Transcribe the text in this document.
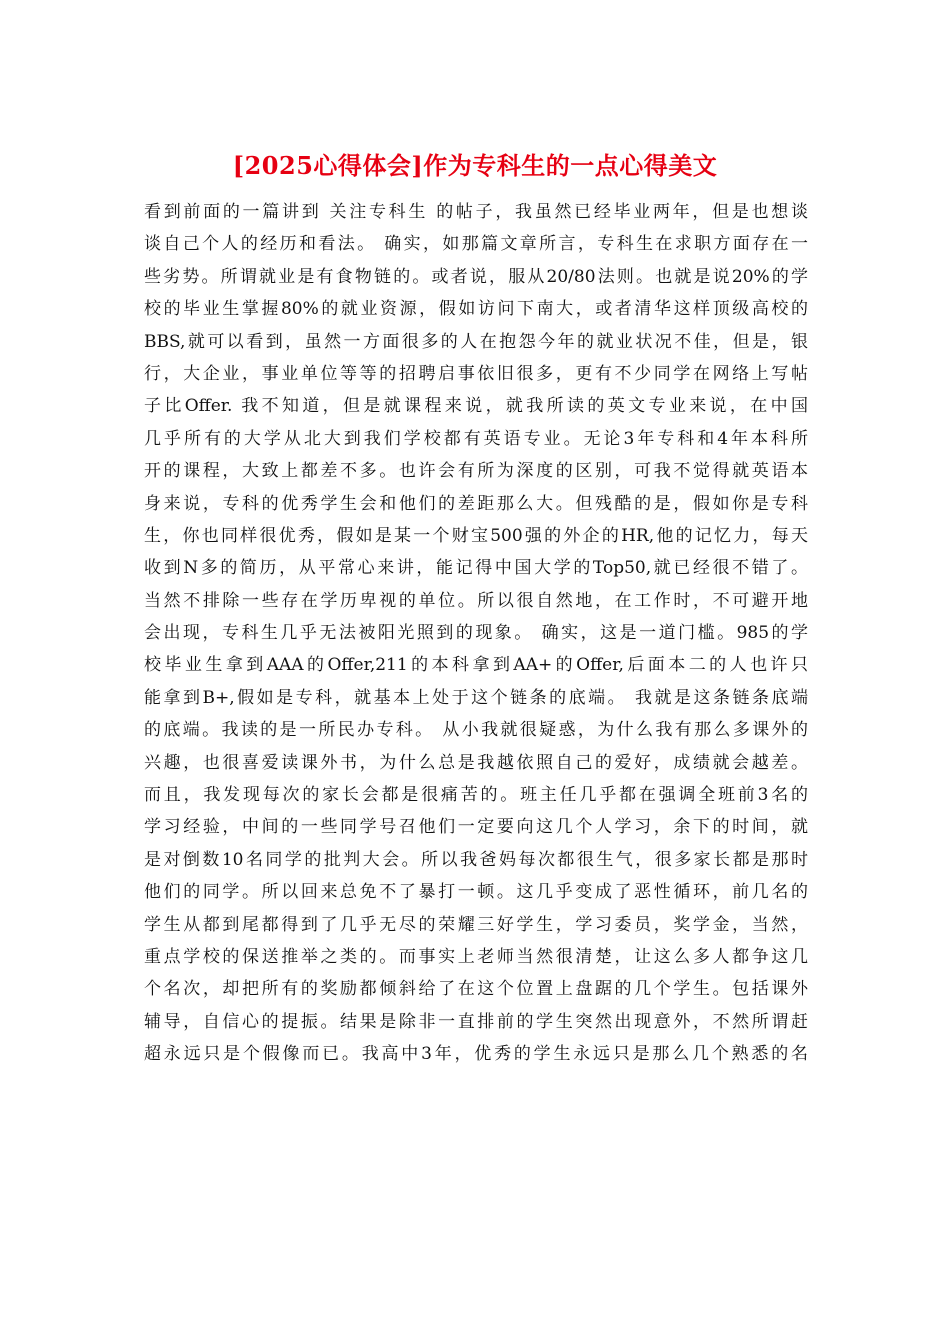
[2025心得体会]作为专科生的一点心得美文
看到前面的一篇讲到 关注专科生 的帖子，我虽然已经毕业两年，但是也想谈
谈自己个人的经历和看法。 确实，如那篇文章所言，专科生在求职方面存在一
些劣势。所谓就业是有食物链的。或者说，服从20/80法则。也就是说20%的学
校的毕业生掌握80%的就业资源，假如访问下南大，或者清华这样顶级高校的
BBS,就可以看到，虽然一方面很多的人在抱怨今年的就业状况不佳，但是，银
行，大企业，事业单位等等的招聘启事依旧很多，更有不少同学在网络上写帖
子比Offer. 我不知道，但是就课程来说，就我所读的英文专业来说，在中国
几乎所有的大学从北大到我们学校都有英语专业。无论3年专科和4年本科所
开的课程，大致上都差不多。也许会有所为深度的区别，可我不觉得就英语本
身来说，专科的优秀学生会和他们的差距那么大。但残酷的是，假如你是专科
生，你也同样很优秀，假如是某一个财宝500强的外企的HR,他的记忆力，每天
收到N多的简历，从平常心来讲，能记得中国大学的Top50,就已经很不错了。
当然不排除一些存在学历卑视的单位。所以很自然地，在工作时，不可避开地
会出现，专科生几乎无法被阳光照到的现象。 确实，这是一道门槛。985的学
校毕业生拿到AAA的Offer,211的本科拿到AA+的Offer,后面本二的人也许只
能拿到B+,假如是专科，就基本上处于这个链条的底端。 我就是这条链条底端
的底端。我读的是一所民办专科。 从小我就很疑惑，为什么我有那么多课外的
兴趣，也很喜爱读课外书，为什么总是我越依照自己的爱好，成绩就会越差。
而且，我发现每次的家长会都是很痛苦的。班主任几乎都在强调全班前3名的
学习经验，中间的一些同学号召他们一定要向这几个人学习，余下的时间，就
是对倒数10名同学的批判大会。所以我爸妈每次都很生气，很多家长都是那时
他们的同学。所以回来总免不了暴打一顿。这几乎变成了恶性循环，前几名的
学生从都到尾都得到了几乎无尽的荣耀三好学生，学习委员，奖学金，当然，
重点学校的保送推举之类的。而事实上老师当然很清楚，让这么多人都争这几
个名次，却把所有的奖励都倾斜给了在这个位置上盘踞的几个学生。包括课外
辅导，自信心的提振。结果是除非一直排前的学生突然出现意外，不然所谓赶
超永远只是个假像而已。我高中3年，优秀的学生永远只是那么几个熟悉的名
